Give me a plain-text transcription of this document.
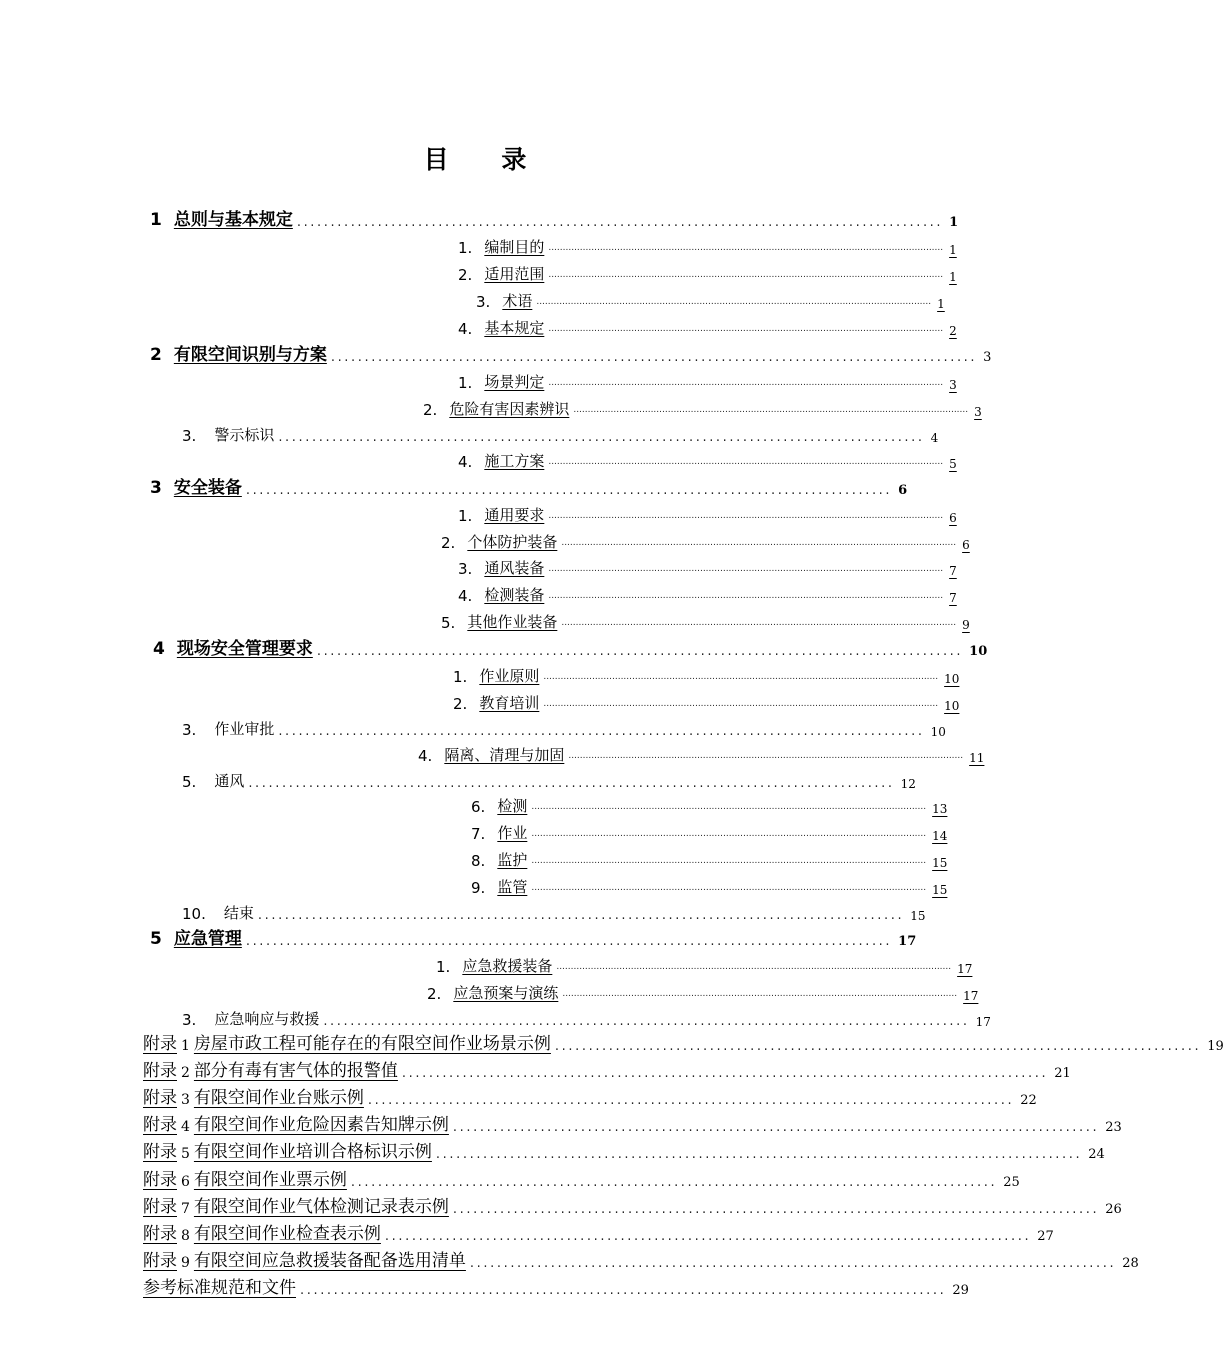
目 录
1 总则与基本规定 ................................................................................................ 1
1. 编制目的 .......................................................................................................................................... 1
2. 适用范围 .......................................................................................................................................... 1
3. 术语 .......................................................................................................................................... 1
4. 基本规定 .......................................................................................................................................... 2
2 有限空间识别与方案 ................................................................................................ 3
1. 场景判定 .......................................................................................................................................... 3
2. 危险有害因素辨识 .......................................................................................................................................... 3
3. 警示标识 ................................................................................................ 4
4. 施工方案 .......................................................................................................................................... 5
3 安全装备 ................................................................................................ 6
1. 通用要求 .......................................................................................................................................... 6
2. 个体防护装备 .......................................................................................................................................... 6
3. 通风装备 .......................................................................................................................................... 7
4. 检测装备 .......................................................................................................................................... 7
5. 其他作业装备 .......................................................................................................................................... 9
4 现场安全管理要求 ................................................................................................ 10
1. 作业原则 .......................................................................................................................................... 10
2. 教育培训 .......................................................................................................................................... 10
3. 作业审批 ................................................................................................ 10
4. 隔离、清理与加固 .......................................................................................................................................... 11
5. 通风 ................................................................................................ 12
6. 检测 .......................................................................................................................................... 13
7. 作业 .......................................................................................................................................... 14
8. 监护 .......................................................................................................................................... 15
9. 监管 .......................................................................................................................................... 15
10. 结束 ................................................................................................ 15
5 应急管理 ................................................................................................ 17
1. 应急救援装备 .......................................................................................................................................... 17
2. 应急预案与演练 .......................................................................................................................................... 17
3. 应急响应与救援 ................................................................................................ 17
附录 1 房屋市政工程可能存在的有限空间作业场景示例 ................................................................................................ 19
附录 2 部分有毒有害气体的报警值 ................................................................................................ 21
附录 3 有限空间作业台账示例 ................................................................................................ 22
附录 4 有限空间作业危险因素告知牌示例 ................................................................................................ 23
附录 5 有限空间作业培训合格标识示例 ................................................................................................ 24
附录 6 有限空间作业票示例 ................................................................................................ 25
附录 7 有限空间作业气体检测记录表示例 ................................................................................................ 26
附录 8 有限空间作业检查表示例 ................................................................................................ 27
附录 9 有限空间应急救援装备配备选用清单 ................................................................................................ 28
参考标准规范和文件 ................................................................................................ 29
